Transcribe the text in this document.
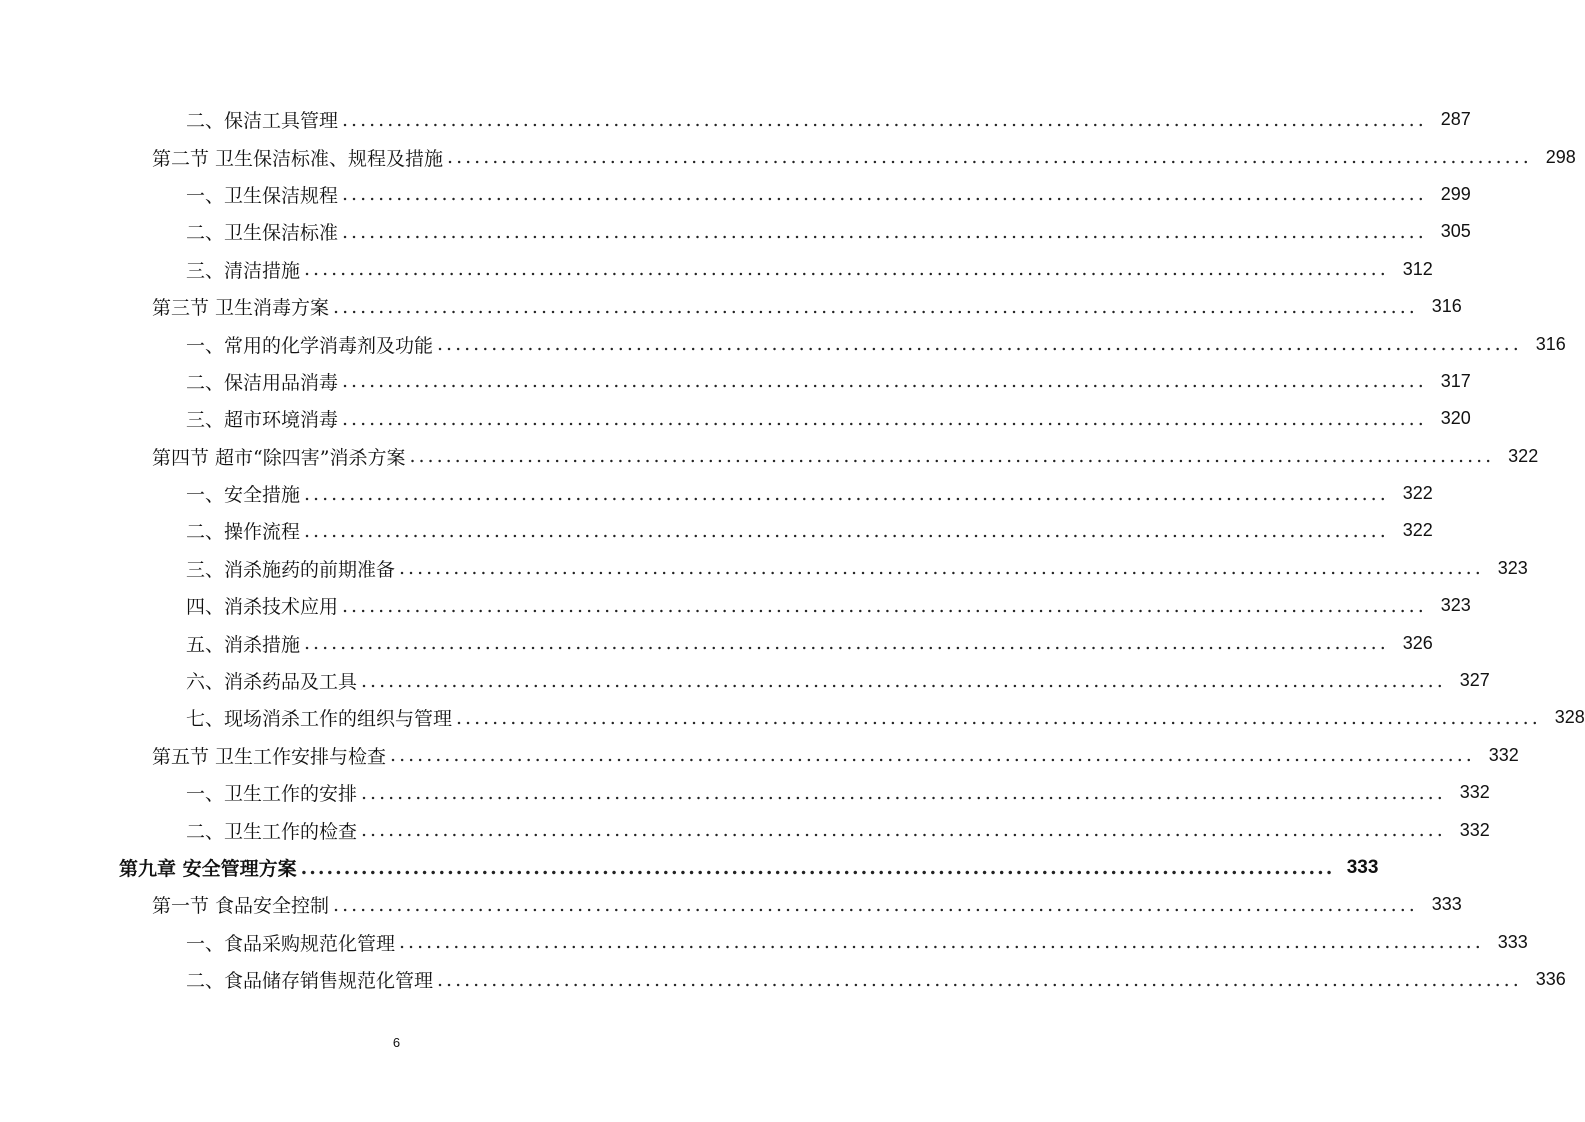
二、保洁工具管理 ........................................................................................................................ 287
第二节 卫生保洁标准、规程及措施 ........................................................................................................................ 298
一、卫生保洁规程 ........................................................................................................................ 299
二、卫生保洁标准 ........................................................................................................................ 305
三、清洁措施 ........................................................................................................................ 312
第三节 卫生消毒方案 ........................................................................................................................ 316
一、常用的化学消毒剂及功能 ........................................................................................................................ 316
二、保洁用品消毒 ........................................................................................................................ 317
三、超市环境消毒 ........................................................................................................................ 320
第四节 超市“除四害”消杀方案 ........................................................................................................................ 322
一、安全措施 ........................................................................................................................ 322
二、操作流程 ........................................................................................................................ 322
三、消杀施药的前期准备 ........................................................................................................................ 323
四、消杀技术应用 ........................................................................................................................ 323
五、消杀措施 ........................................................................................................................ 326
六、消杀药品及工具 ........................................................................................................................ 327
七、现场消杀工作的组织与管理 ........................................................................................................................ 328
第五节 卫生工作安排与检查 ........................................................................................................................ 332
一、卫生工作的安排 ........................................................................................................................ 332
二、卫生工作的检查 ........................................................................................................................ 332
第九章 安全管理方案 ........................................................................................................................ 333
第一节 食品安全控制 ........................................................................................................................ 333
一、食品采购规范化管理 ........................................................................................................................ 333
二、食品储存销售规范化管理 ........................................................................................................................ 336
6
